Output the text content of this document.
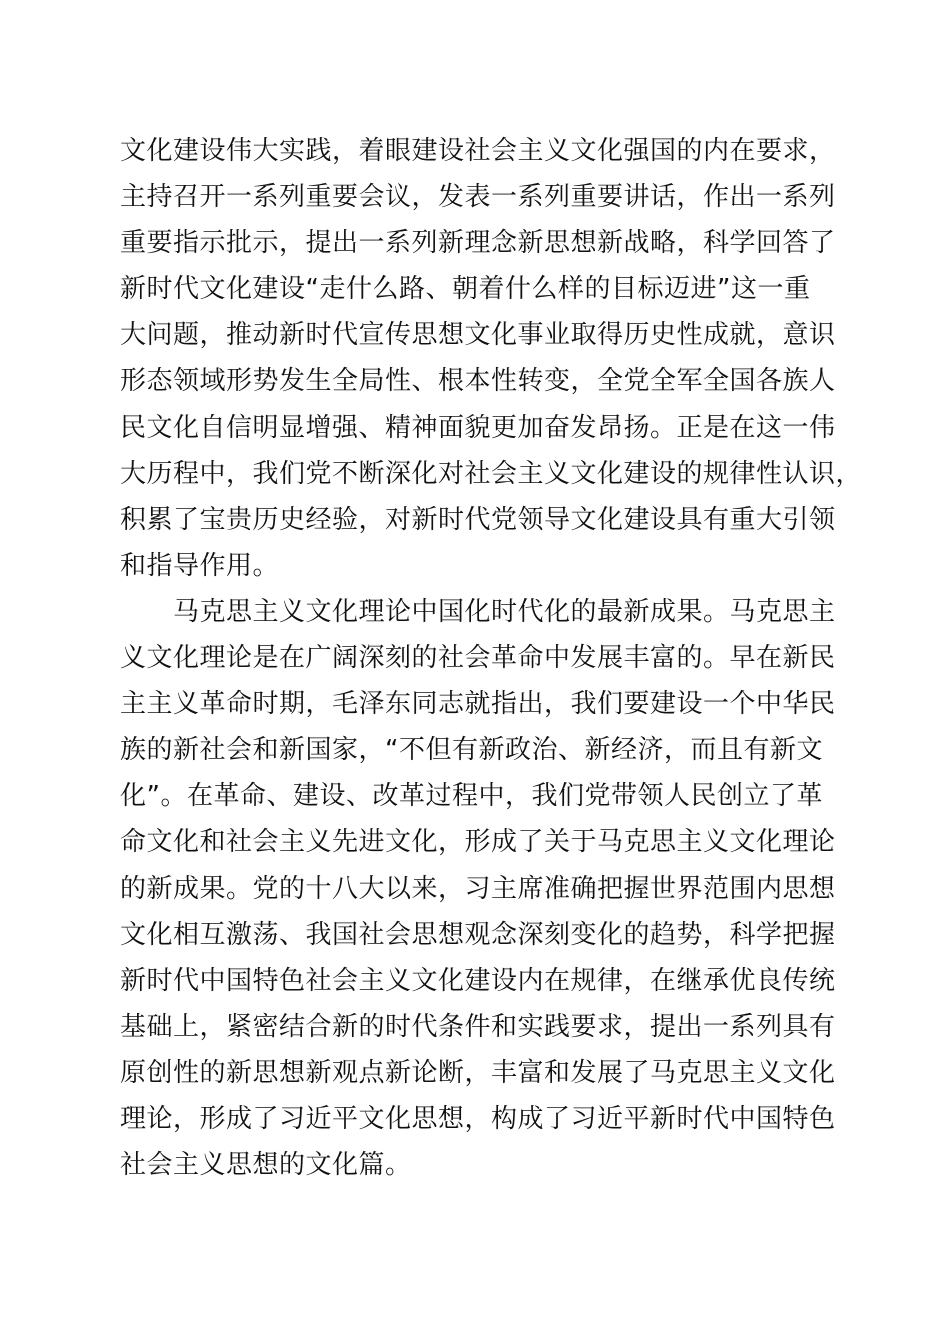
文化建设伟大实践，着眼建设社会主义文化强国的内在要求，
主持召开一系列重要会议，发表一系列重要讲话，作出一系列
重要指示批示，提出一系列新理念新思想新战略，科学回答了
新时代文化建设“走什么路、朝着什么样的目标迈进”这一重
大问题，推动新时代宣传思想文化事业取得历史性成就，意识
形态领域形势发生全局性、根本性转变，全党全军全国各族人
民文化自信明显增强、精神面貌更加奋发昂扬。正是在这一伟
大历程中，我们党不断深化对社会主义文化建设的规律性认识，
积累了宝贵历史经验，对新时代党领导文化建设具有重大引领
和指导作用。
　　马克思主义文化理论中国化时代化的最新成果。马克思主
义文化理论是在广阔深刻的社会革命中发展丰富的。早在新民
主主义革命时期，毛泽东同志就指出，我们要建设一个中华民
族的新社会和新国家，“不但有新政治、新经济，而且有新文
化”。在革命、建设、改革过程中，我们党带领人民创立了革
命文化和社会主义先进文化，形成了关于马克思主义文化理论
的新成果。党的十八大以来，习主席准确把握世界范围内思想
文化相互激荡、我国社会思想观念深刻变化的趋势，科学把握
新时代中国特色社会主义文化建设内在规律，在继承优良传统
基础上，紧密结合新的时代条件和实践要求，提出一系列具有
原创性的新思想新观点新论断，丰富和发展了马克思主义文化
理论，形成了习近平文化思想，构成了习近平新时代中国特色
社会主义思想的文化篇。
